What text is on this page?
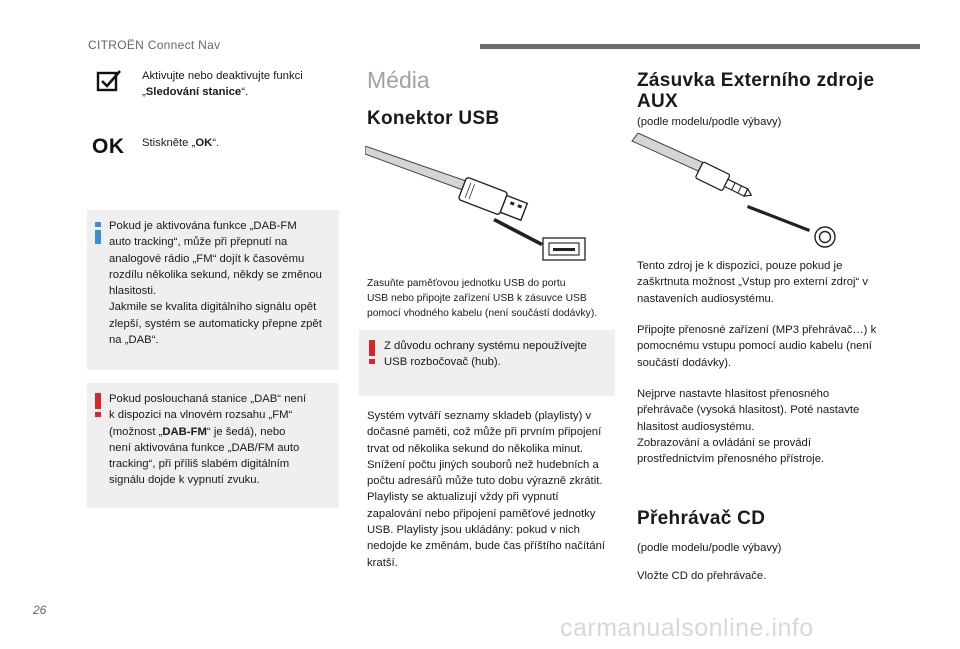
CITROËN Connect Nav
Aktivujte nebo deaktivujte funkci
„Sledování stanice“.
OK Stiskněte „OK“.
Pokud je aktivována funkce „DAB-FM
auto tracking“, může při přepnutí na
analogové rádio „FM“ dojít k časovému
rozdílu několika sekund, někdy se změnou
hlasitosti.
Jakmile se kvalita digitálního signálu opět
zlepší, systém se automaticky přepne zpět
na „DAB“.
Pokud poslouchaná stanice „DAB“ není
k dispozici na vlnovém rozsahu „FM“
(možnost „DAB-FM“ je šedá), nebo
není aktivována funkce „DAB/FM auto
tracking“, při příliš slabém digitálním
signálu dojde k vypnutí zvuku.
Média
Konektor USB
Zasuňte paměťovou jednotku USB do portu
USB nebo připojte zařízení USB k zásuvce USB
pomocí vhodného kabelu (není součástí dodávky).
Z důvodu ochrany systému nepoužívejte
USB rozbočovač (hub).
Systém vytváří seznamy skladeb (playlisty) v
dočasné paměti, což může při prvním připojení
trvat od několika sekund do několika minut.
Snížení počtu jiných souborů než hudebních a
počtu adresářů může tuto dobu výrazně zkrátit.
Playlisty se aktualizují vždy při vypnutí
zapalování nebo připojení paměťové jednotky
USB. Playlisty jsou ukládány: pokud v nich
nedojde ke změnám, bude čas příštího načítání
kratší.
Zásuvka Externího zdroje
AUX
(podle modelu/podle výbavy)
Tento zdroj je k dispozici, pouze pokud je
zaškrtnuta možnost „Vstup pro externí zdroj“ v
nastaveních audiosystému.
Připojte přenosné zařízení (MP3 přehrávač…) k
pomocnému vstupu pomocí audio kabelu (není
součástí dodávky).
Nejprve nastavte hlasitost přenosného
přehrávače (vysoká hlasitost). Poté nastavte
hlasitost audiosystému.
Zobrazování a ovládání se provádí
prostřednictvím přenosného přístroje.
Přehrávač CD
(podle modelu/podle výbavy)
Vložte CD do přehrávače.
26
carmanualsonline.info
